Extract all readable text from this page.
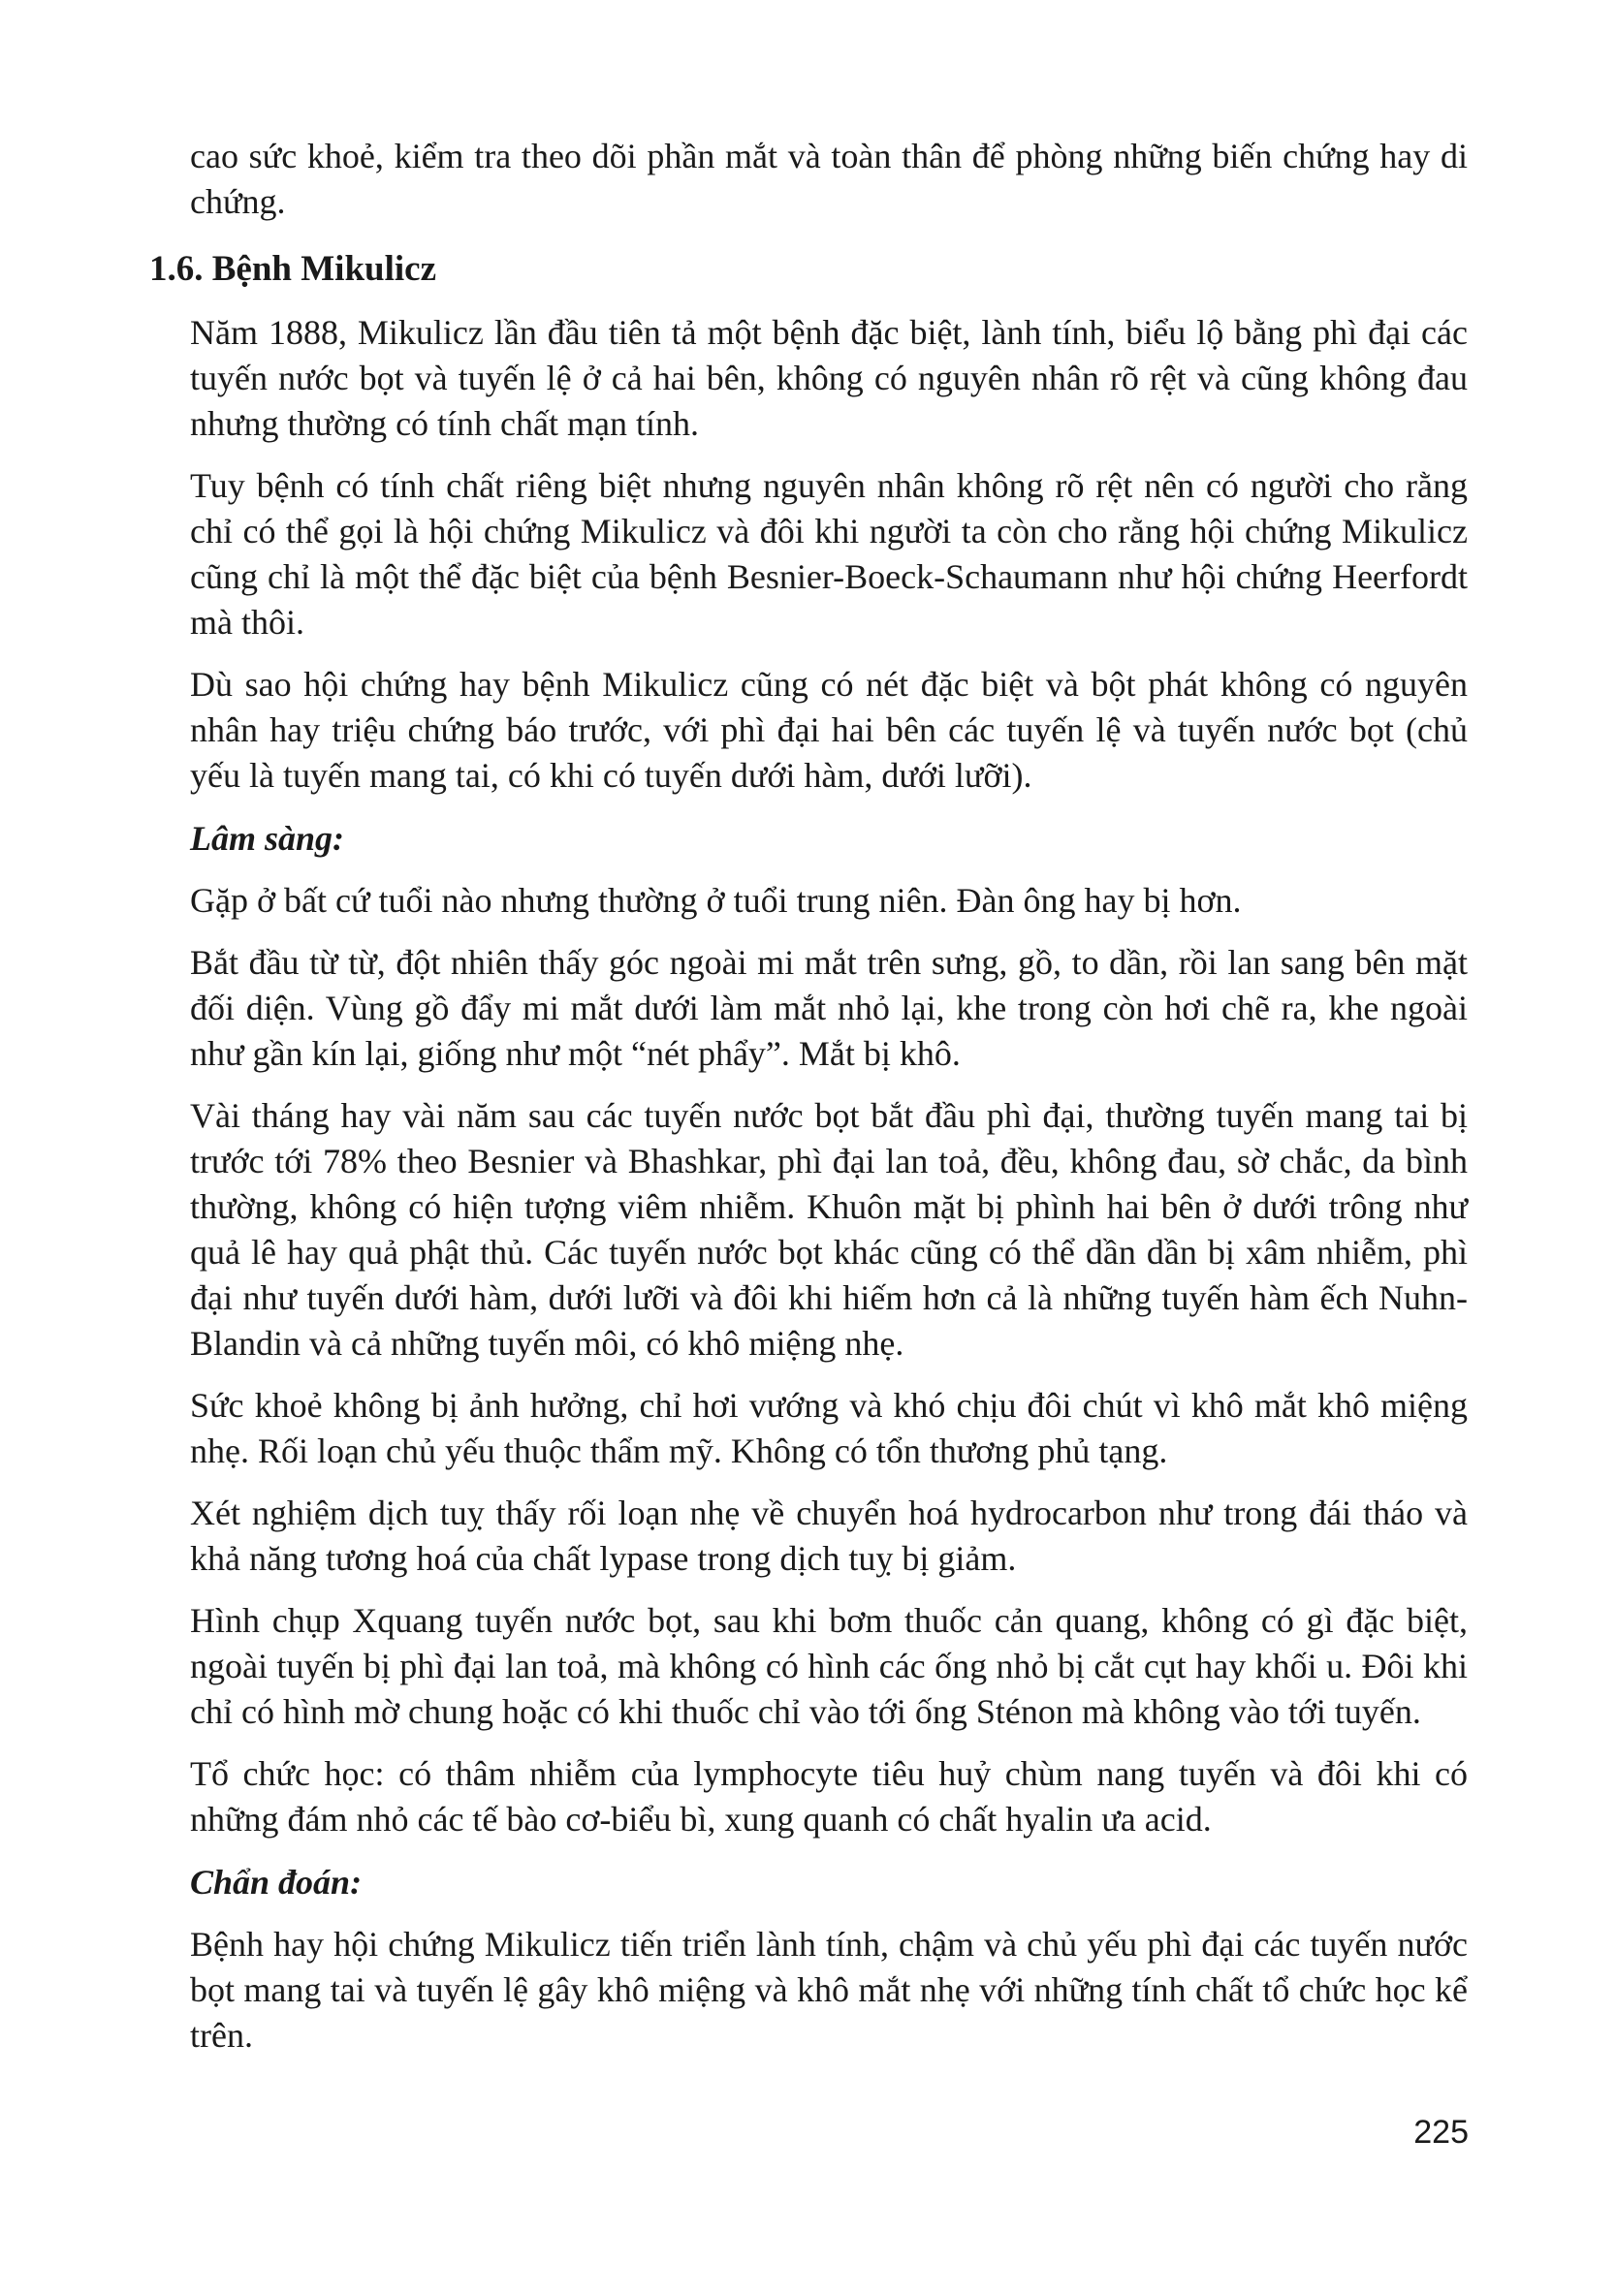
cao sức khoẻ, kiểm tra theo dõi phần mắt và toàn thân để phòng những biến chứng hay di chứng.

1.6. Bệnh Mikulicz

Năm 1888, Mikulicz lần đầu tiên tả một bệnh đặc biệt, lành tính, biểu lộ bằng phì đại các tuyến nước bọt và tuyến lệ ở cả hai bên, không có nguyên nhân rõ rệt và cũng không đau nhưng thường có tính chất mạn tính.

Tuy bệnh có tính chất riêng biệt nhưng nguyên nhân không rõ rệt nên có người cho rằng chỉ có thể gọi là hội chứng Mikulicz và đôi khi người ta còn cho rằng hội chứng Mikulicz cũng chỉ là một thể đặc biệt của bệnh Besnier-Boeck-Schaumann như hội chứng Heerfordt mà thôi.

Dù sao hội chứng hay bệnh Mikulicz cũng có nét đặc biệt và bột phát không có nguyên nhân hay triệu chứng báo trước, với phì đại hai bên các tuyến lệ và tuyến nước bọt (chủ yếu là tuyến mang tai, có khi có tuyến dưới hàm, dưới lưỡi).

Lâm sàng:

Gặp ở bất cứ tuổi nào nhưng thường ở tuổi trung niên. Đàn ông hay bị hơn.

Bắt đầu từ từ, đột nhiên thấy góc ngoài mi mắt trên sưng, gồ, to dần, rồi lan sang bên mặt đối diện. Vùng gồ đẩy mi mắt dưới làm mắt nhỏ lại, khe trong còn hơi chẽ ra, khe ngoài như gần kín lại, giống như một “nét phẩy”. Mắt bị khô.

Vài tháng hay vài năm sau các tuyến nước bọt bắt đầu phì đại, thường tuyến mang tai bị trước tới 78% theo Besnier và Bhashkar, phì đại lan toả, đều, không đau, sờ chắc, da bình thường, không có hiện tượng viêm nhiễm. Khuôn mặt bị phình hai bên ở dưới trông như quả lê hay quả phật thủ. Các tuyến nước bọt khác cũng có thể dần dần bị xâm nhiễm, phì đại như tuyến dưới hàm, dưới lưỡi và đôi khi hiếm hơn cả là những tuyến hàm ếch Nuhn-Blandin và cả những tuyến môi, có khô miệng nhẹ.

Sức khoẻ không bị ảnh hưởng, chỉ hơi vướng và khó chịu đôi chút vì khô mắt khô miệng nhẹ. Rối loạn chủ yếu thuộc thẩm mỹ. Không có tổn thương phủ tạng.

Xét nghiệm dịch tuỵ thấy rối loạn nhẹ về chuyển hoá hydrocarbon như trong đái tháo và khả năng tương hoá của chất lypase trong dịch tuỵ bị giảm.

Hình chụp Xquang tuyến nước bọt, sau khi bơm thuốc cản quang, không có gì đặc biệt, ngoài tuyến bị phì đại lan toả, mà không có hình các ống nhỏ bị cắt cụt hay khối u. Đôi khi chỉ có hình mờ chung hoặc có khi thuốc chỉ vào tới ống Sténon mà không vào tới tuyến.

Tổ chức học: có thâm nhiễm của lymphocyte tiêu huỷ chùm nang tuyến và đôi khi có những đám nhỏ các tế bào cơ-biểu bì, xung quanh có chất hyalin ưa acid.

Chẩn đoán:

Bệnh hay hội chứng Mikulicz tiến triển lành tính, chậm và chủ yếu phì đại các tuyến nước bọt mang tai và tuyến lệ gây khô miệng và khô mắt nhẹ với những tính chất tổ chức học kể trên.

225
